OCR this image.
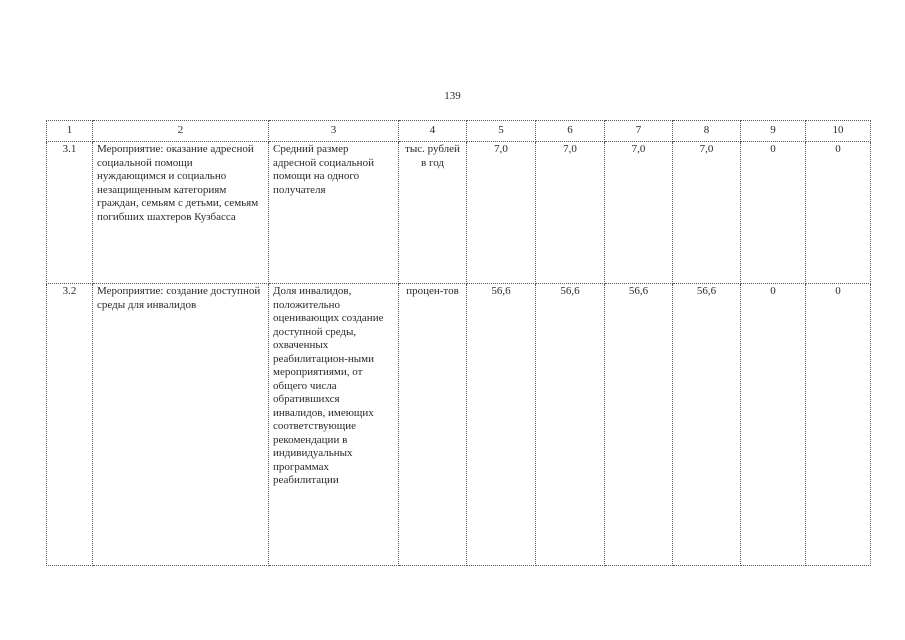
139
1	2	3	4	5	6	7	8	9	10
3.1	Мероприятие: оказание адресной социальной помощи нуждающимся и социально незащищенным категориям граждан, семьям с детьми, семьям погибших шахтеров Кузбасса	Средний размер адресной социальной помощи на одного получателя	тыс. рублей в год	7,0	7,0	7,0	7,0	0	0
3.2	Мероприятие: создание доступной среды для инвалидов	Доля инвалидов, положительно оценивающих создание доступной среды, охваченных реабилитацион-ными мероприятиями, от общего числа обратившихся инвалидов, имеющих соответствующие рекомендации в индивидуальных программах реабилитации	процен-тов	56,6	56,6	56,6	56,6	0	0
